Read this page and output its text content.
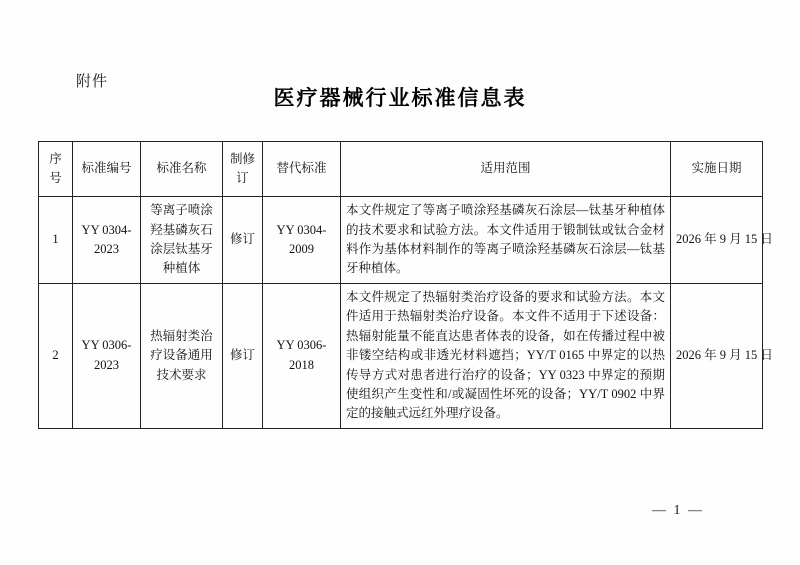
附件
医疗器械行业标准信息表
序号	标准编号	标准名称	制修订	替代标准	适用范围	实施日期
1	YY 0304-2023	等离子喷涂羟基磷灰石涂层钛基牙种植体	修订	YY 0304-2009	本文件规定了等离子喷涂羟基磷灰石涂层—钛基牙种植体的技术要求和试验方法。本文件适用于锻制钛或钛合金材料作为基体材料制作的等离子喷涂羟基磷灰石涂层—钛基牙种植体。	2026 年 9 月 15 日
2	YY 0306-2023	热辐射类治疗设备通用技术要求	修订	YY 0306-2018	本文件规定了热辐射类治疗设备的要求和试验方法。本文件适用于热辐射类治疗设备。本文件不适用于下述设备：热辐射能量不能直达患者体表的设备，如在传播过程中被非镂空结构或非透光材料遮挡；YY/T 0165 中界定的以热传导方式对患者进行治疗的设备；YY 0323 中界定的预期使组织产生变性和/或凝固性坏死的设备；YY/T 0902 中界定的接触式远红外理疗设备。	2026 年 9 月 15 日
— 1 —
